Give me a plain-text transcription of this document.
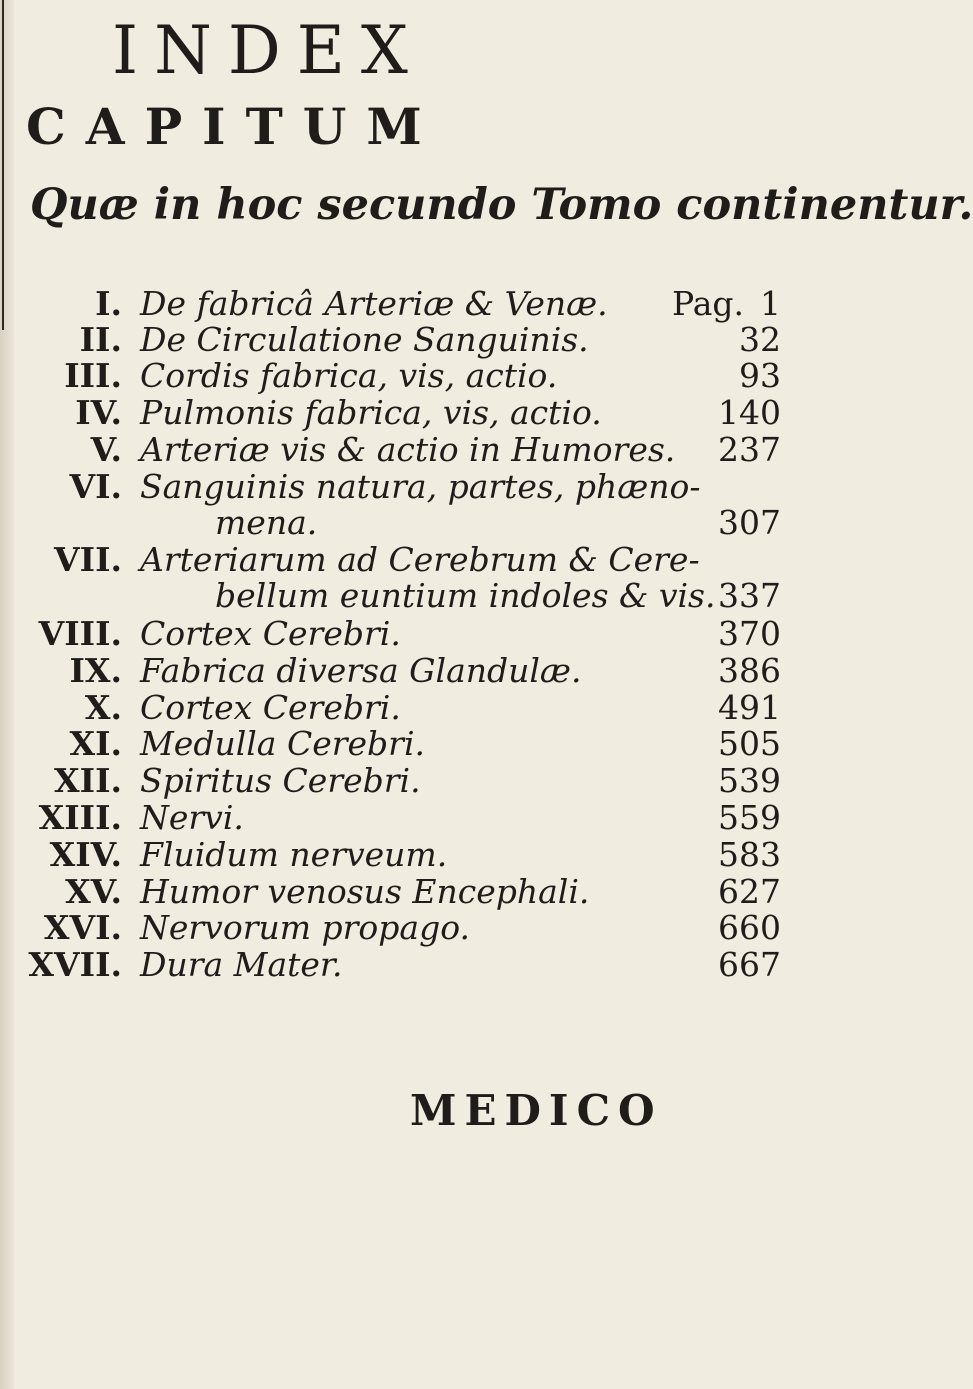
INDEX
CAPITUM
Quæ in hoc secundo Tomo continentur.
I. De fabricâ Arteriæ & Venæ. Pag. 1
II. De Circulatione Sanguinis.	32
III. Cordis fabrica, vis, actio.	93
IV. Pulmonis fabrica, vis, actio.	140
V. Arteriæ vis & actio in Humores. 237
VI. Sanguinis natura, partes, phæno-
mena.	307
VII. Arteriarum ad Cerebrum & Cere-
bellum euntium indoles & vis. 337
VIII. Cortex Cerebri.	370
IX. Fabrica diversa Glandulæ.	386
X. Cortex Cerebri.	491
XI. Medulla Cerebri.	505
XII. Spiritus Cerebri.	539
XIII. Nervi.	559
XIV. Fluidum nerveum.	583
XV. Humor venosus Encephali.	627
XVI. Nervorum propago.	660
XVII. Dura Mater.	667

MEDICO
